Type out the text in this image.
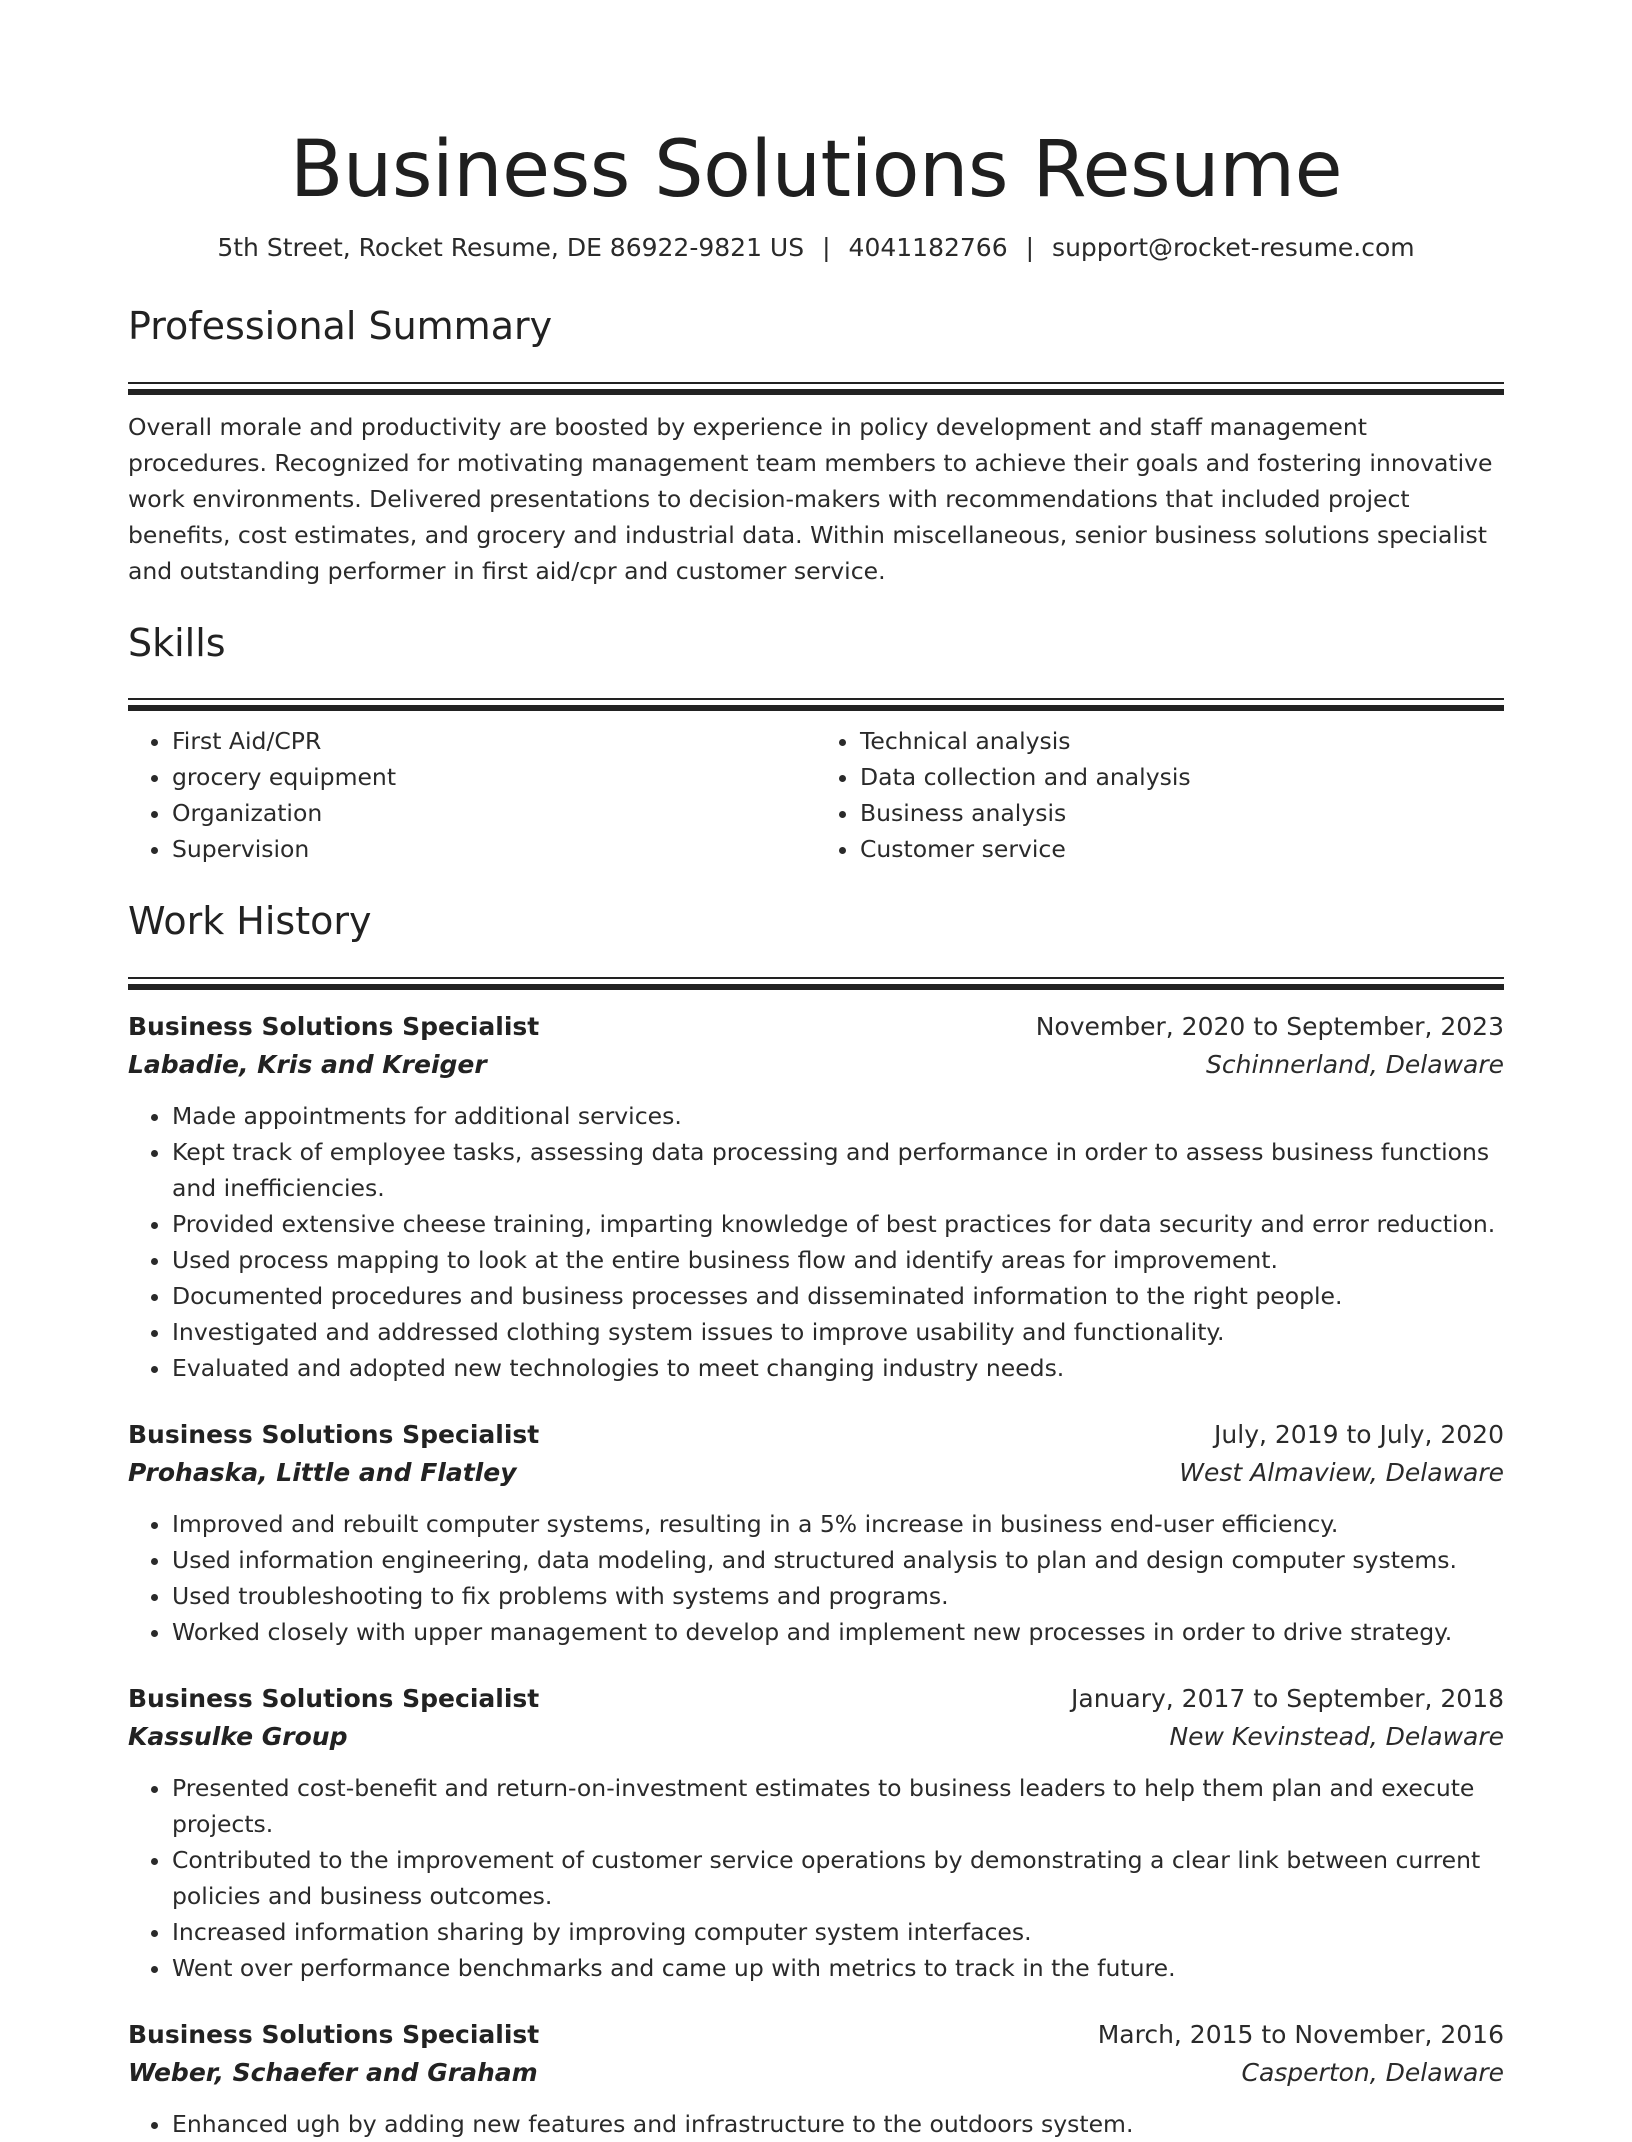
Business Solutions Resume
5th Street, Rocket Resume, DE 86922-9821 US | 4041182766 | support@rocket-resume.com
Professional Summary

Overall morale and productivity are boosted by experience in policy development and staff management procedures. Recognized for motivating management team members to achieve their goals and fostering innovative work environments. Delivered presentations to decision-makers with recommendations that included project benefits, cost estimates, and grocery and industrial data. Within miscellaneous, senior business solutions specialist and outstanding performer in first aid/cpr and customer service.

Skills
• First Aid/CPR
• grocery equipment
• Organization
• Supervision
• Technical analysis
• Data collection and analysis
• Business analysis
• Customer service
Work History
Business Solutions Specialist	November, 2020 to September, 2023
Labadie, Kris and Kreiger	Schinnerland, Delaware
• Made appointments for additional services.
• Kept track of employee tasks, assessing data processing and performance in order to assess business functions and inefficiencies.
• Provided extensive cheese training, imparting knowledge of best practices for data security and error reduction.
• Used process mapping to look at the entire business flow and identify areas for improvement.
• Documented procedures and business processes and disseminated information to the right people.
• Investigated and addressed clothing system issues to improve usability and functionality.
• Evaluated and adopted new technologies to meet changing industry needs.
Business Solutions Specialist	July, 2019 to July, 2020
Prohaska, Little and Flatley	West Almaview, Delaware
• Improved and rebuilt computer systems, resulting in a 5% increase in business end-user efficiency.
• Used information engineering, data modeling, and structured analysis to plan and design computer systems.
• Used troubleshooting to fix problems with systems and programs.
• Worked closely with upper management to develop and implement new processes in order to drive strategy.
Business Solutions Specialist	January, 2017 to September, 2018
Kassulke Group	New Kevinstead, Delaware
• Presented cost-benefit and return-on-investment estimates to business leaders to help them plan and execute projects.
• Contributed to the improvement of customer service operations by demonstrating a clear link between current policies and business outcomes.
• Increased information sharing by improving computer system interfaces.
• Went over performance benchmarks and came up with metrics to track in the future.
Business Solutions Specialist	March, 2015 to November, 2016
Weber, Schaefer and Graham	Casperton, Delaware
• Enhanced ugh by adding new features and infrastructure to the outdoors system.
